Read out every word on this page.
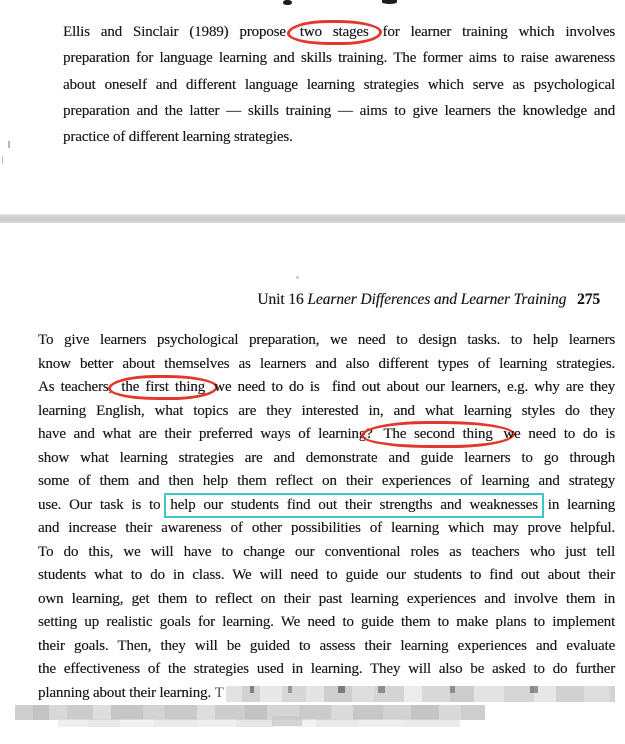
Ellis and Sinclair (1989) propose two stages for learner training which involves
preparation for language learning and skills training. The former aims to raise awareness
about oneself and different language learning strategies which serve as psychological
preparation and the latter — skills training — aims to give learners the knowledge and
practice of different learning strategies.
Unit 16 Learner Differences and Learner Training 275
To give learners psychological preparation, we need to design tasks. to help learners
know better about themselves as learners and also different types of learning strategies.
As teachers, the first thing we need to do is  find out about our learners, e.g. why are they
learning English, what topics are they interested in, and what learning styles do they
have and what are their preferred ways of learning? The second thing we need to do is
show what learning strategies are and demonstrate and guide learners to go through
some of them and then help them reflect on their experiences of learning and strategy
use. Our task is to help our students find out their strengths and weaknesses in learning
and increase their awareness of other possibilities of learning which may prove helpful.
To do this, we will have to change our conventional roles as teachers who just tell
students what to do in class. We will need to guide our students to find out about their
own learning, get them to reflect on their past learning experiences and involve them in
setting up realistic goals for learning. We need to guide them to make plans to implement
their goals. Then, they will be guided to assess their learning experiences and evaluate
the effectiveness of the strategies used in learning. They will also be asked to do further
planning about their learning. T
